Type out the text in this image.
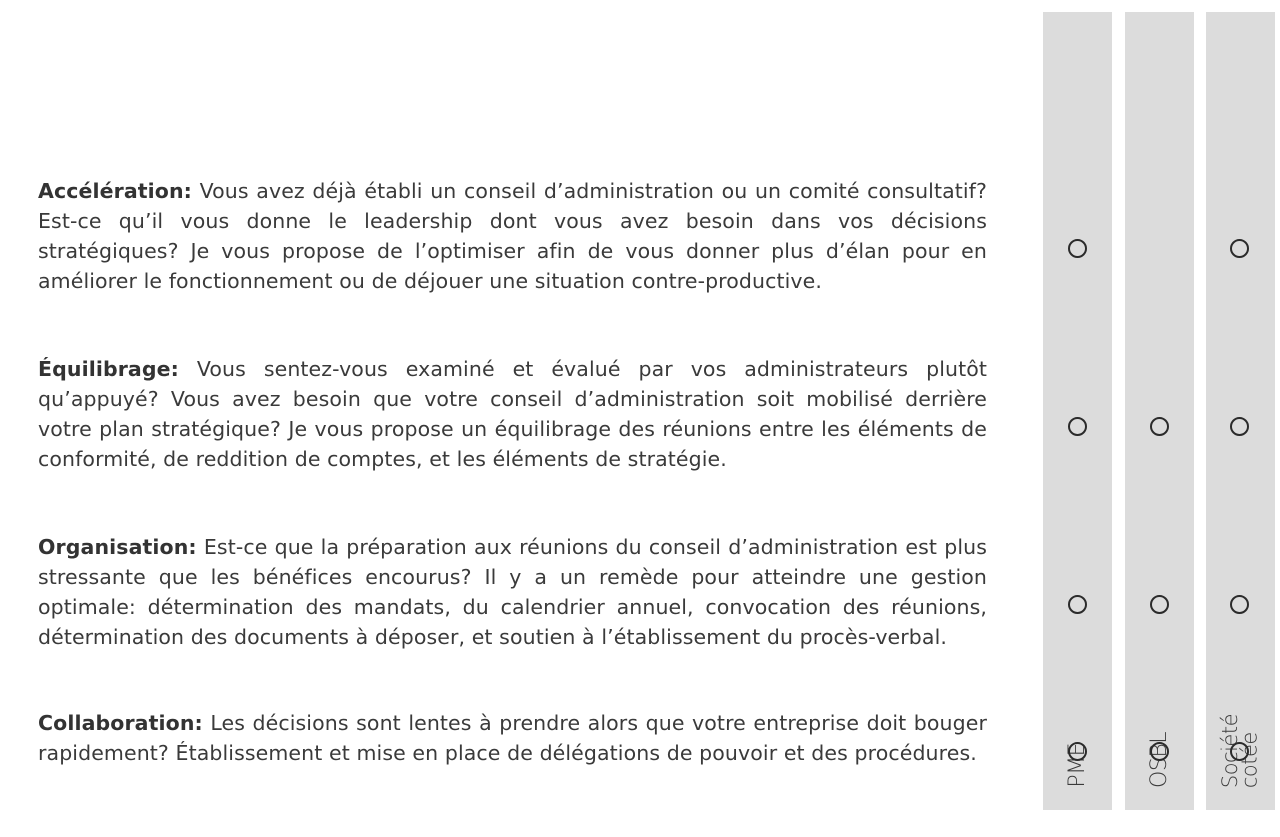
PME	OSBL Société
cotée

Accélération: Vous avez déjà établi un conseil d’administration ou un comité consultatif? Est-ce qu’il vous donne le leadership dont vous avez besoin dans vos décisions stratégiques? Je vous propose de l’optimiser afin de vous donner plus d’élan pour en améliorer le fonctionnement ou de déjouer une situation contre-productive.

Équilibrage: Vous sentez-vous examiné et évalué par vos administrateurs plutôt qu’appuyé? Vous avez besoin que votre conseil d’administration soit mobilisé derrière votre plan stratégique? Je vous propose un équilibrage des réunions entre les éléments de conformité, de reddition de comptes, et les éléments de stratégie.

Organisation: Est-ce que la préparation aux réunions du conseil d’administration est plus stressante que les bénéfices encourus? Il y a un remède pour atteindre une gestion optimale: détermination des mandats, du calendrier annuel, convocation des réunions, détermination des documents à déposer, et soutien à l’établissement du procès-verbal.

Collaboration: Les décisions sont lentes à prendre alors que votre entreprise doit bouger rapidement? Établissement et mise en place de délégations de pouvoir et des procédures.
